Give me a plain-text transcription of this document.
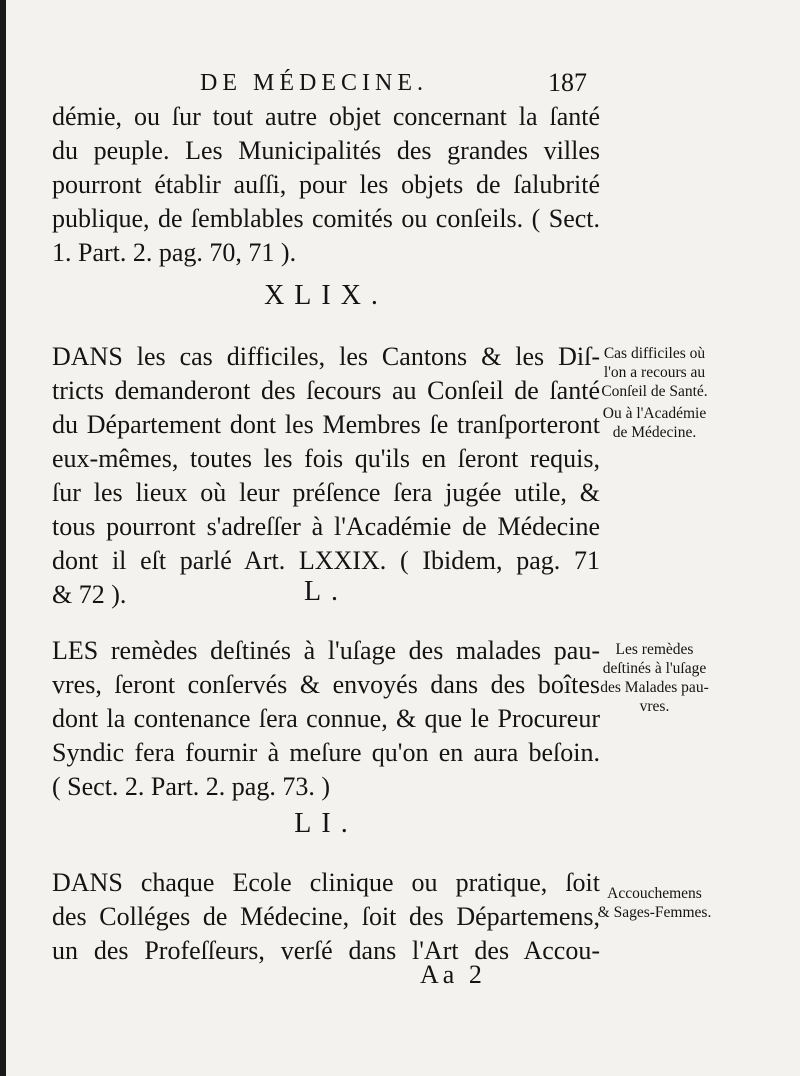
DE MÉDECINE.	187
démie, ou ſur tout autre objet concernant la ſanté
du peuple. Les Municipalités des grandes villes
pourront établir auſſi, pour les objets de ſalubrité
publique, de ſemblables comités ou conſeils. ( Sect.
1. Part. 2. pag. 70, 71 ).
XLIX.
DANS les cas difficiles, les Cantons & les Diſ-
tricts demanderont des ſecours au Conſeil de ſanté
du Département dont les Membres ſe tranſporteront
eux-mêmes, toutes les fois qu'ils en ſeront requis,
ſur les lieux où leur préſence ſera jugée utile, &
tous pourront s'adreſſer à l'Académie de Médecine
dont il eſt parlé Art. LXXIX. ( Ibidem, pag. 71
& 72 ).
Cas difficiles où
l'on a recours au
Conſeil de Santé.
Ou à l'Académie
de Médecine.
L.
LES remèdes deſtinés à l'uſage des malades pau-
vres, ſeront conſervés & envoyés dans des boîtes
dont la contenance ſera connue, & que le Procureur
Syndic fera fournir à meſure qu'on en aura beſoin.
( Sect. 2. Part. 2. pag. 73. )
Les remèdes
deſtinés à l'uſage
des Malades pau-
vres.
LI.
DANS chaque Ecole clinique ou pratique, ſoit
des Colléges de Médecine, ſoit des Départemens,
un des Profeſſeurs, verſé dans l'Art des Accou-
Accouchemens
& Sages-Femmes.
Aa 2
